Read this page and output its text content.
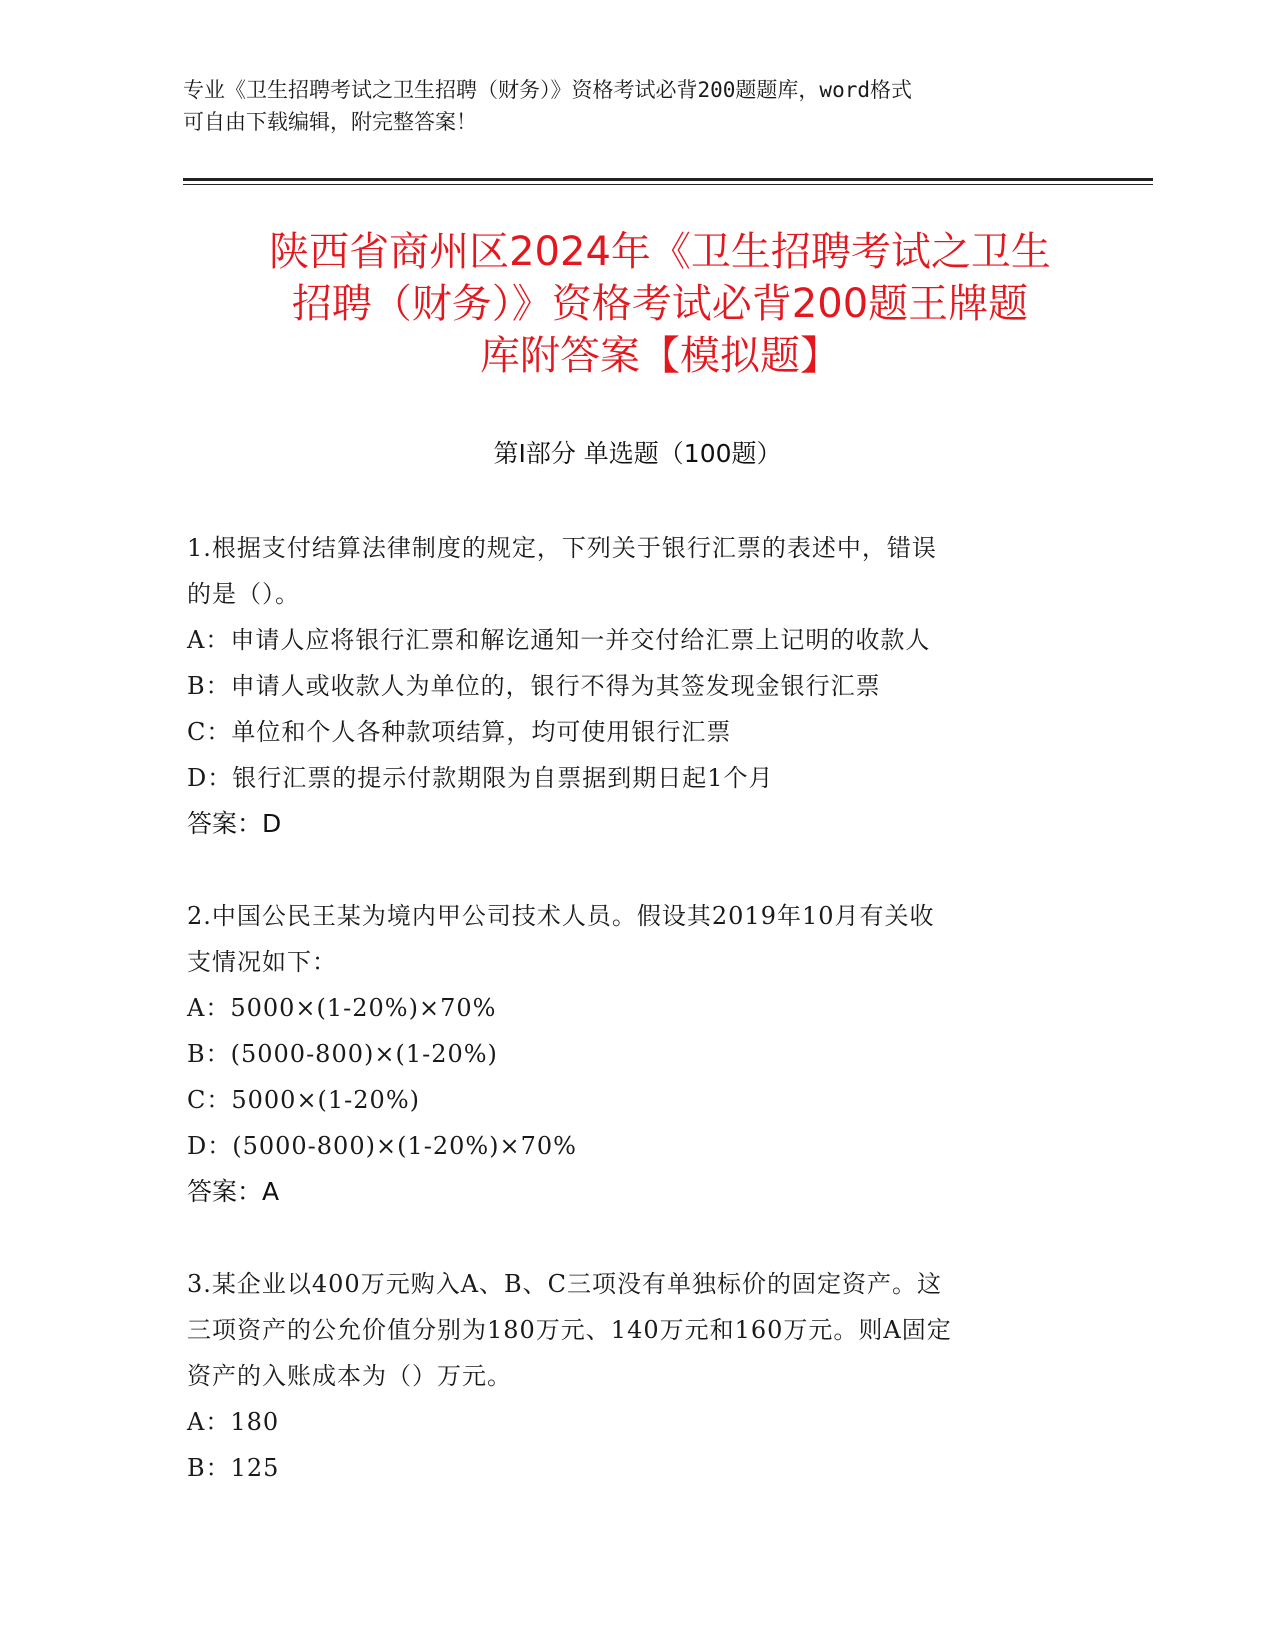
专业《卫生招聘考试之卫生招聘（财务）》资格考试必背200题题库，word格式
可自由下载编辑，附完整答案！
陕西省商州区2024年《卫生招聘考试之卫生
招聘（财务）》资格考试必背200题王牌题
库附答案【模拟题】
第Ⅰ部分 单选题（100题）
1.根据支付结算法律制度的规定，下列关于银行汇票的表述中，错误
的是（）。
A：申请人应将银行汇票和解讫通知一并交付给汇票上记明的收款人
B：申请人或收款人为单位的，银行不得为其签发现金银行汇票
C：单位和个人各种款项结算，均可使用银行汇票
D：银行汇票的提示付款期限为自票据到期日起1个月
答案：D
2.中国公民王某为境内甲公司技术人员。假设其2019年10月有关收
支情况如下：
A：5000×(1-20%)×70%
B：(5000-800)×(1-20%)
C：5000×(1-20%)
D：(5000-800)×(1-20%)×70%
答案：A
3.某企业以400万元购入A、B、C三项没有单独标价的固定资产。这
三项资产的公允价值分别为180万元、140万元和160万元。则A固定
资产的入账成本为（）万元。
A：180
B：125
